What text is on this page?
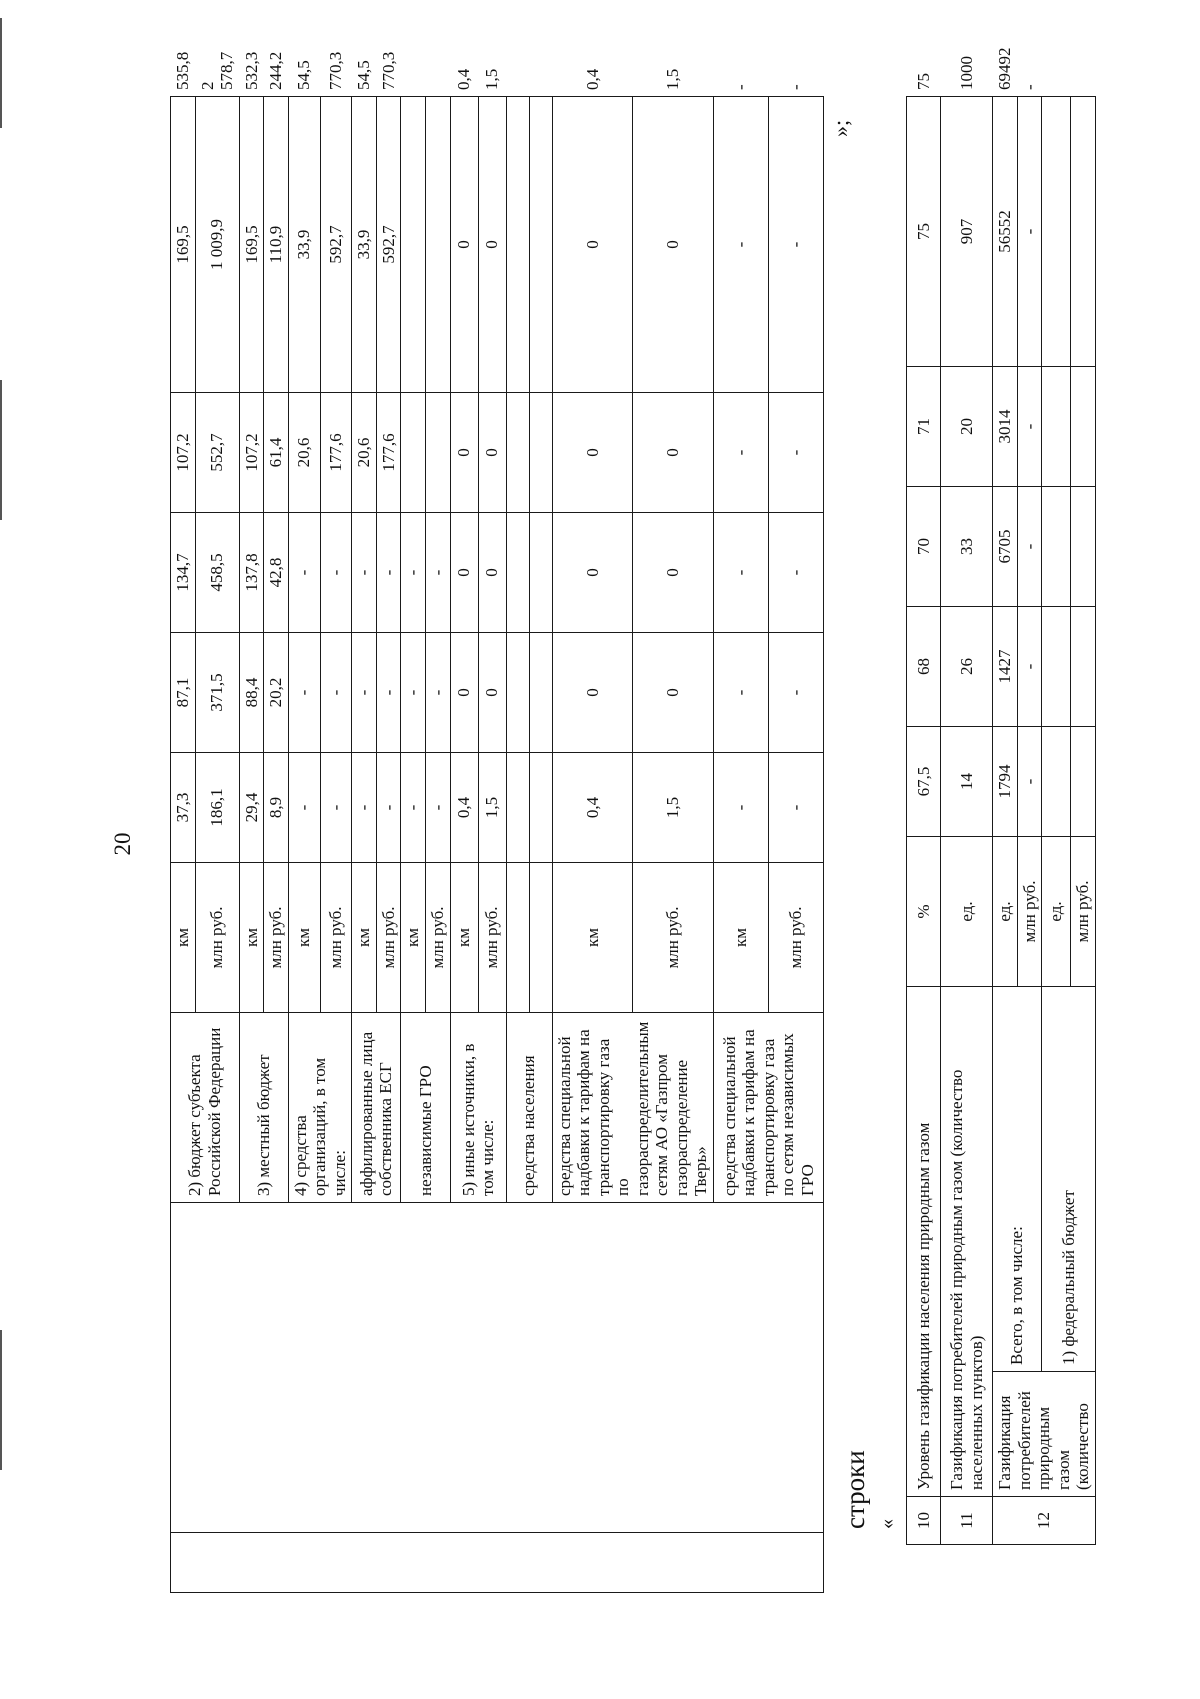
20
		2) бюджет субъекта Российской Федерации	км	37,3	87,1	134,7	107,2	169,5	535,8
			млн руб.	186,1	371,5	458,5	552,7	1 009,9	2 578,7
		3) местный бюджет	км	29,4	88,4	137,8	107,2	169,5	532,3
			млн руб.	8,9	20,2	42,8	61,4	110,9	244,2
		4) средства организаций, в том числе:	км	-	-	-	20,6	33,9	54,5
			млн руб.	-	-	-	177,6	592,7	770,3
		аффилированные лица собственника ЕСГ	км	-	-	-	20,6	33,9	54,5
			млн руб.	-	-	-	177,6	592,7	770,3
		независимые ГРО	км	-	-	-			
			млн руб.	-	-	-			
		5) иные источники, в том числе:	км	0,4	0	0	0	0	0,4
			млн руб.	1,5	0	0	0	0	1,5
		средства населения							

		средства специальной надбавки к тарифам на транспортировку газа по газораспределительным сетям АО «Газпром газораспределение Тверь»	км	0,4	0	0	0	0	0,4
			млн руб.	1,5	0	0	0	0	1,5
		средства специальной надбавки к тарифам на транспортировку газа по сетям независимых ГРО	км	-	-	-	-	-	-
			млн руб.	-	-	-	-	-	-
строки	10	Уровень газификации населения природным газом		%	67,5	68	70	71	75	75
11	Газификация потребителей природным газом (количество населенных пунктов)		ед.	14	26	33	20	907	1000
12	Газификация потребителей природным газом (количество	Всего, в том числе:	ед.	1794	1427	6705	3014	56552	69492
			млн руб.	-	-	-	-	-	-
		1) федеральный бюджет	ед.						
			млн руб.						
«
»;
